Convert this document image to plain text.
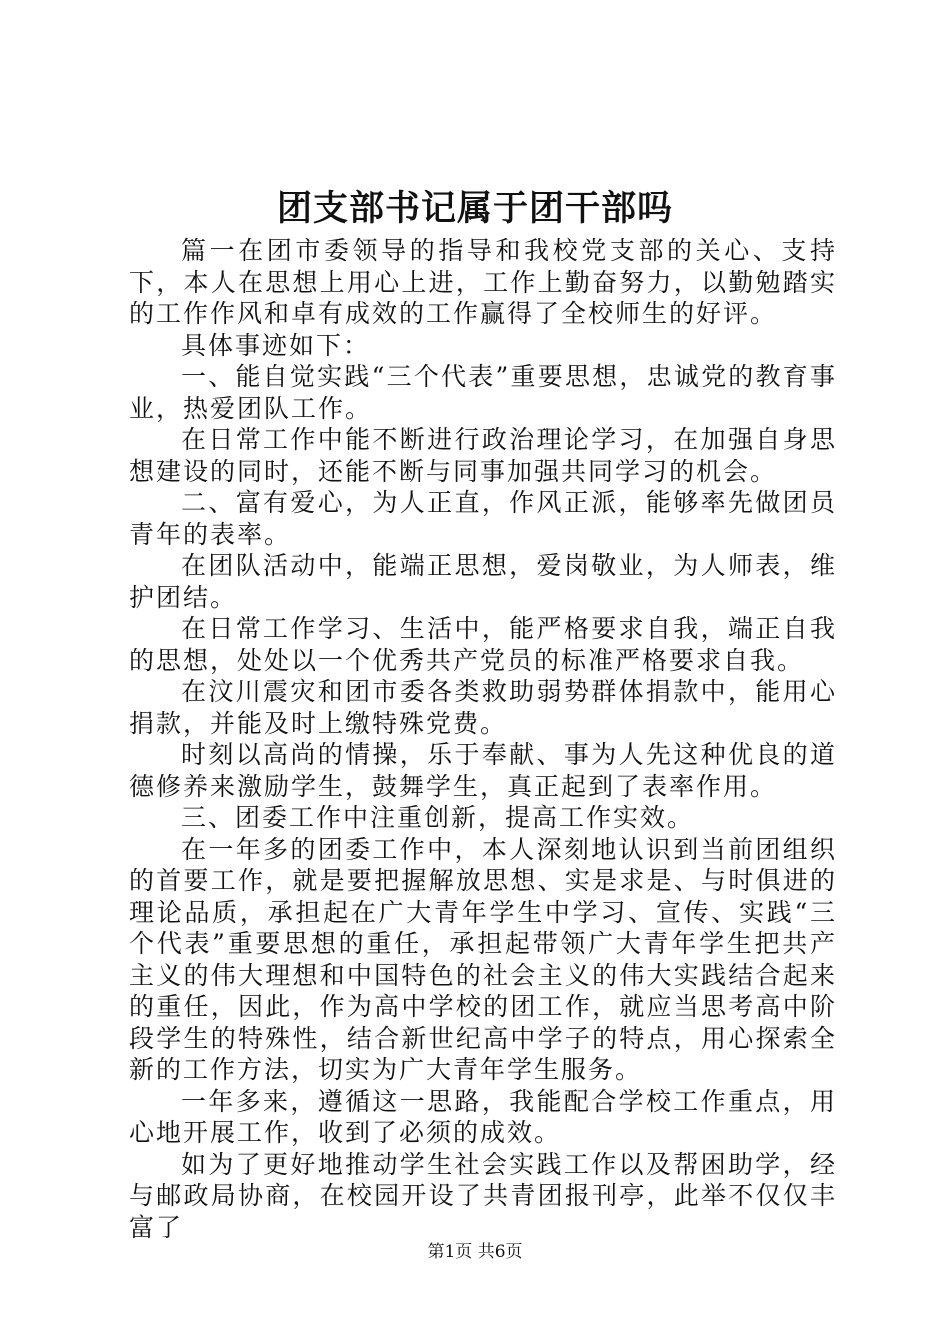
团支部书记属于团干部吗

篇一在团市委领导的指导和我校党支部的关心、支持下，本人在思想上用心上进，工作上勤奋努力，以勤勉踏实的工作作风和卓有成效的工作赢得了全校师生的好评。

具体事迹如下：

一、能自觉实践“三个代表”重要思想，忠诚党的教育事业，热爱团队工作。

在日常工作中能不断进行政治理论学习，在加强自身思想建设的同时，还能不断与同事加强共同学习的机会。

二、富有爱心，为人正直，作风正派，能够率先做团员青年的表率。

在团队活动中，能端正思想，爱岗敬业，为人师表，维护团结。

在日常工作学习、生活中，能严格要求自我，端正自我的思想，处处以一个优秀共产党员的标准严格要求自我。

在汶川震灾和团市委各类救助弱势群体捐款中，能用心捐款，并能及时上缴特殊党费。

时刻以高尚的情操，乐于奉献、事为人先这种优良的道德修养来激励学生，鼓舞学生，真正起到了表率作用。

三、团委工作中注重创新，提高工作实效。

在一年多的团委工作中，本人深刻地认识到当前团组织的首要工作，就是要把握解放思想、实是求是、与时俱进的理论品质，承担起在广大青年学生中学习、宣传、实践“三个代表”重要思想的重任，承担起带领广大青年学生把共产主义的伟大理想和中国特色的社会主义的伟大实践结合起来的重任，因此，作为高中学校的团工作，就应当思考高中阶段学生的特殊性，结合新世纪高中学子的特点，用心探索全新的工作方法，切实为广大青年学生服务。

一年多来，遵循这一思路，我能配合学校工作重点，用心地开展工作，收到了必须的成效。

如为了更好地推动学生社会实践工作以及帮困助学，经与邮政局协商，在校园开设了共青团报刊亭，此举不仅仅丰富了

第1页 共6页
